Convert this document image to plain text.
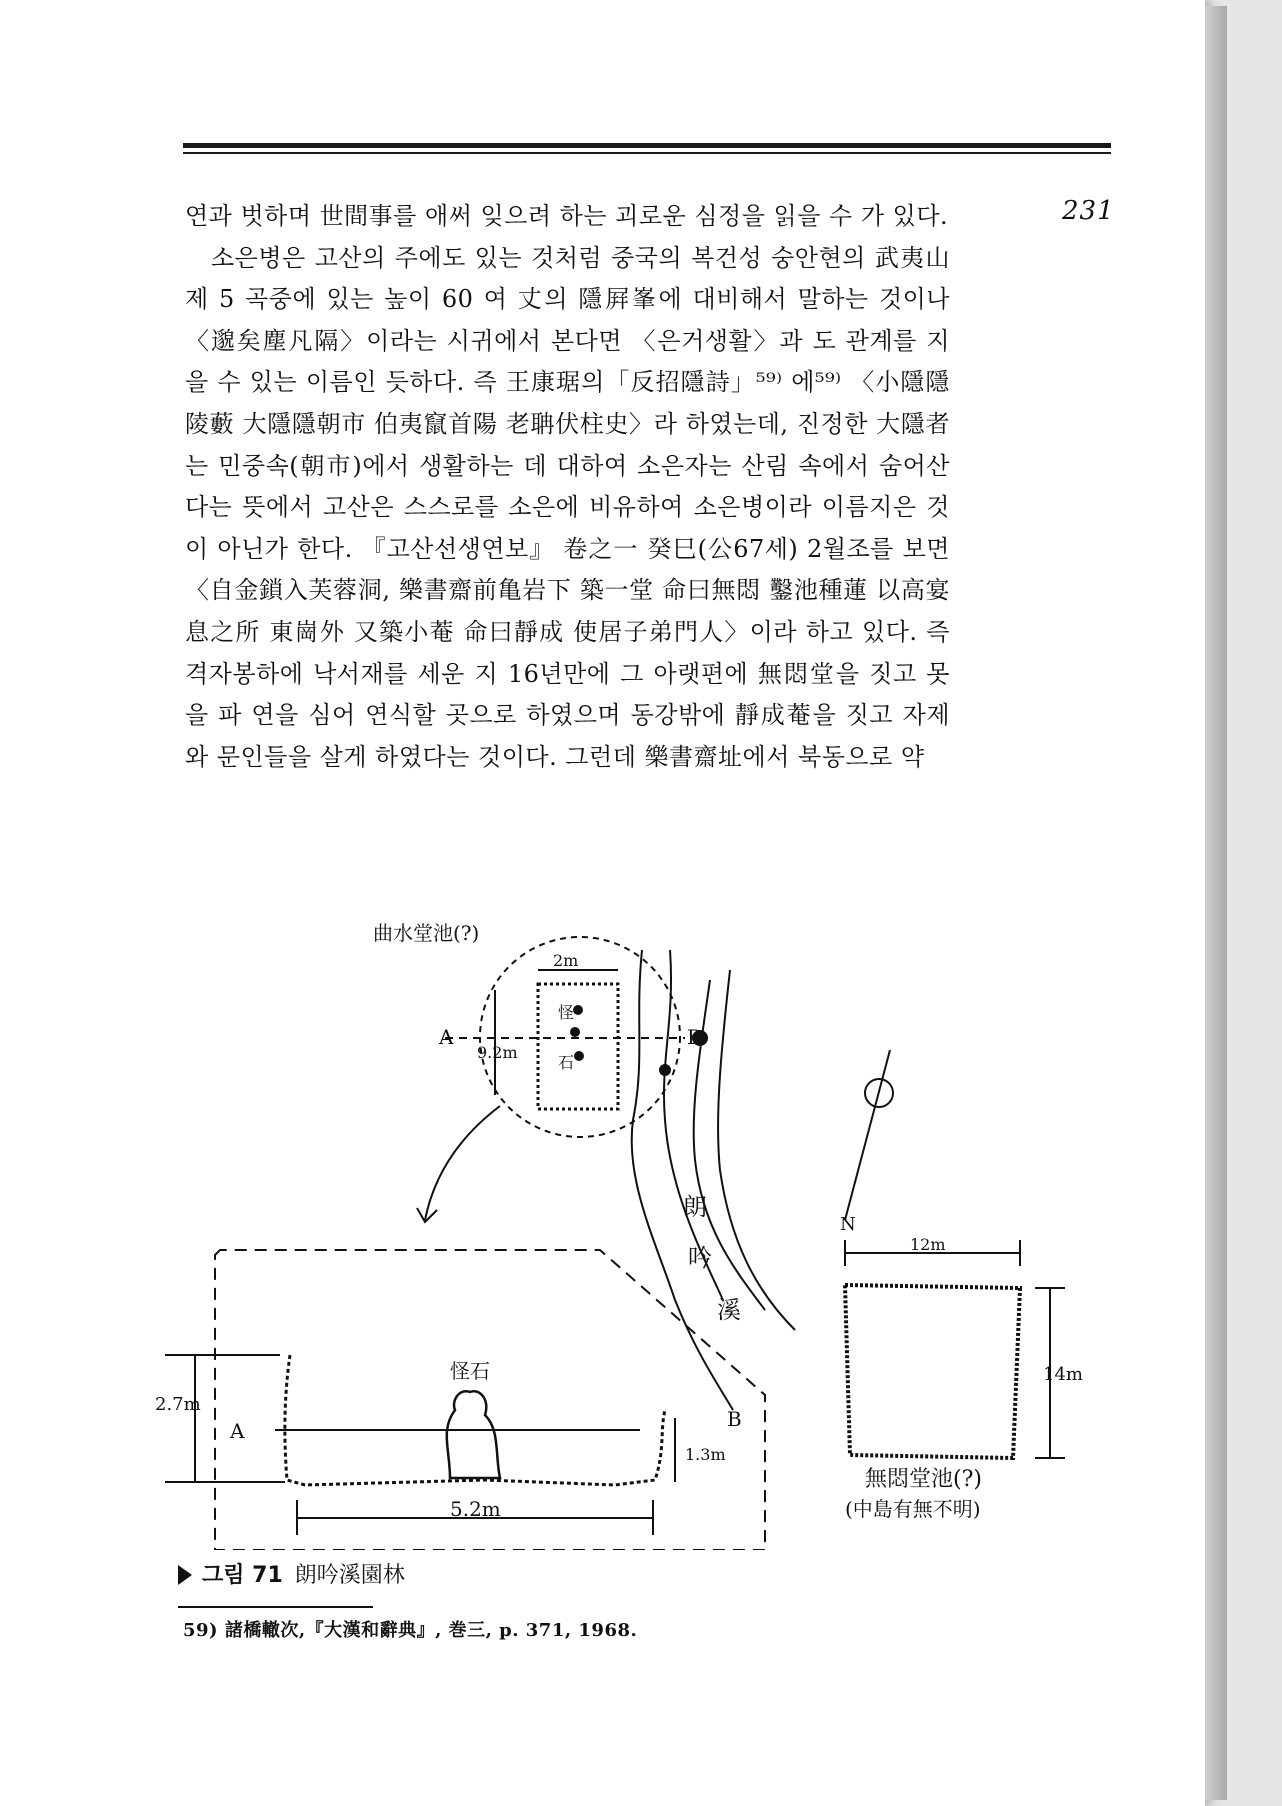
231

연과 벗하며 世間事를 애써 잊으려 하는 괴로운 심정을 읽을 수 가 있다.

소은병은 고산의 주에도 있는 것처럼 중국의 복건성 숭안현의 武夷山 제 5 곡중에 있는 높이 60 여 丈의 隱屛峯에 대비해서 말하는 것이나 〈邈矣塵凡隔〉이라는 시귀에서 본다면 〈은거생활〉과 도 관계를 지을 수 있는 이름인 듯하다. 즉 王康琚의「反招隱詩」⁵⁹⁾ 에⁵⁹⁾ 〈小隱隱陵藪 大隱隱朝市 伯夷竄首陽 老聃伏柱史〉라 하였는데, 진정한 大隱者는 민중속(朝市)에서 생활하는 데 대하여 소은자는 산림 속에서 숨어산다는 뜻에서 고산은 스스로를 소은에 비유하여 소은병이라 이름지은 것이 아닌가 한다. 『고산선생연보』 卷之一 癸巳(公67세) 2월조를 보면〈自金鎖入芙蓉洞, 樂書齋前亀岩下 築一堂 命曰無悶 鑿池種蓮 以高宴息之所 東崗外 又築小菴 命曰靜成 使居子弟門人〉이라 하고 있다. 즉 격자봉하에 낙서재를 세운 지 16년만에 그 아랫편에 無悶堂을 짓고 못을 파 연을 심어 연식할 곳으로 하였으며 동강밖에 靜成菴을 짓고 자제와 문인들을 살게 하였다는 것이다. 그런데 樂書齋址에서 북동으로 약

曲水堂池(?)
2m
9.2m
A	B
怪
石
朗
吟
溪
怪石
2.7m
A	B
1.3m
5.2m
N
12m
14m
無悶堂池(?)
(中島有無不明)
그림 71 朗吟溪園林
59) 諸橋轍次,『大漢和辭典』, 巻三, p. 371, 1968.
